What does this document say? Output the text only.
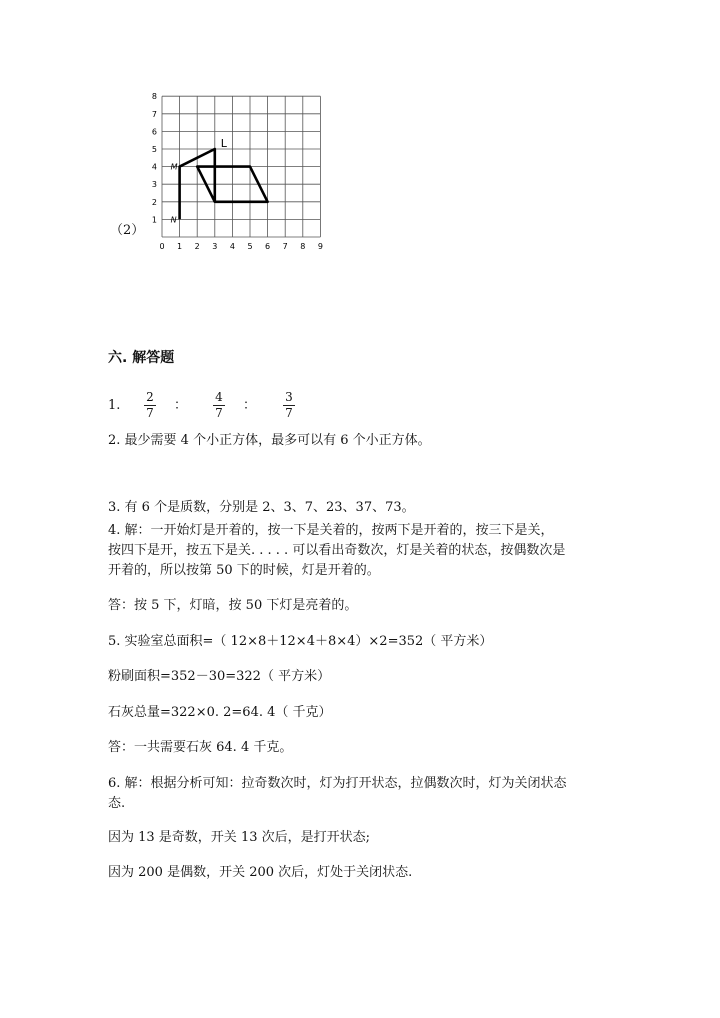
（2）
0 1 2 3 4 5 6 7 8 9
1
2
3
4
5
6
7
8
M
N
L
六. 解答题
1.
2
7 ：
4
7 ：
3
7
2. 最少需要 4 个小正方体，最多可以有 6 个小正方体。
3. 有 6 个是质数，分别是 2、3、7、23、37、73。
4. 解：一开始灯是开着的，按一下是关着的，按两下是开着的，按三下是关，
按四下是开，按五下是关. . . . . 可以看出奇数次，灯是关着的状态，按偶数次是
开着的，所以按第 50 下的时候，灯是开着的。
答：按 5 下，灯暗，按 50 下灯是亮着的。
5. 实验室总面积=（ 12×8＋12×4＋8×4）×2=352（ 平方米）
粉刷面积=352－30=322（ 平方米）
石灰总量=322×0. 2=64. 4（ 千克）
答：一共需要石灰 64. 4 千克。
6. 解：根据分析可知：拉奇数次时，灯为打开状态，拉偶数次时，灯为关闭状态
态.
因为 13 是奇数，开关 13 次后，是打开状态;
因为 200 是偶数，开关 200 次后，灯处于关闭状态.
